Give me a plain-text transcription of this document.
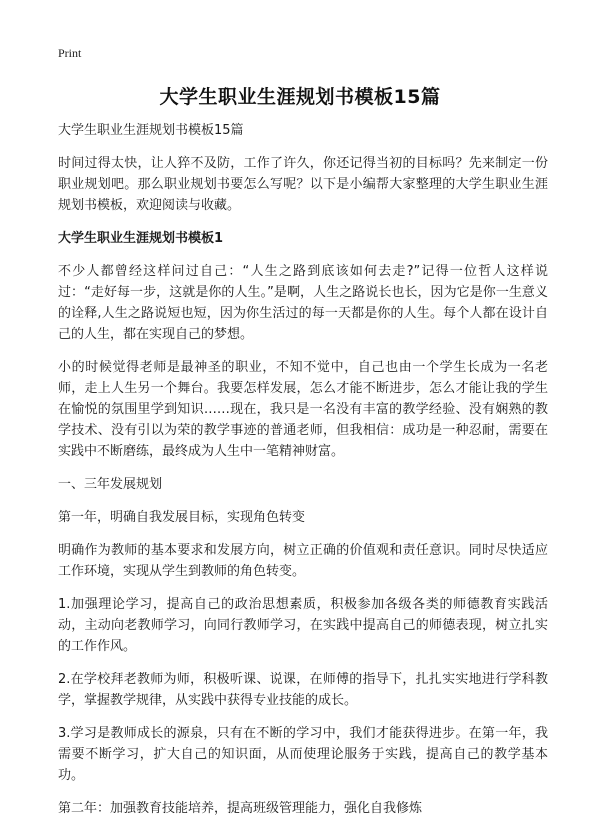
Print
大学生职业生涯规划书模板15篇

大学生职业生涯规划书模板15篇

时间过得太快，让人猝不及防，工作了许久，你还记得当初的目标吗？先来制定一份职业规划吧。那么职业规划书要怎么写呢？以下是小编帮大家整理的大学生职业生涯规划书模板，欢迎阅读与收藏。

大学生职业生涯规划书模板1

不少人都曾经这样问过自己：“人生之路到底该如何去走?”记得一位哲人这样说过：“走好每一步，这就是你的人生。”是啊，人生之路说长也长，因为它是你一生意义的诠释,人生之路说短也短，因为你生活过的每一天都是你的人生。每个人都在设计自己的人生，都在实现自己的梦想。

小的时候觉得老师是最神圣的职业，不知不觉中，自己也由一个学生长成为一名老师，走上人生另一个舞台。我要怎样发展，怎么才能不断进步，怎么才能让我的学生在愉悦的氛围里学到知识……现在，我只是一名没有丰富的教学经验、没有娴熟的教学技术、没有引以为荣的教学事迹的普通老师，但我相信：成功是一种忍耐，需要在实践中不断磨练，最终成为人生中一笔精神财富。

一、三年发展规划

第一年，明确自我发展目标，实现角色转变

明确作为教师的基本要求和发展方向，树立正确的价值观和责任意识。同时尽快适应工作环境，实现从学生到教师的角色转变。

1.加强理论学习，提高自己的政治思想素质，积极参加各级各类的师德教育实践活动，主动向老教师学习，向同行教师学习，在实践中提高自己的师德表现，树立扎实的工作作风。

2.在学校拜老教师为师，积极听课、说课，在师傅的指导下，扎扎实实地进行学科教学，掌握教学规律，从实践中获得专业技能的成长。

3.学习是教师成长的源泉，只有在不断的学习中，我们才能获得进步。在第一年，我需要不断学习，扩大自己的知识面，从而使理论服务于实践，提高自己的教学基本功。

第二年：加强教育技能培养，提高班级管理能力，强化自我修炼
